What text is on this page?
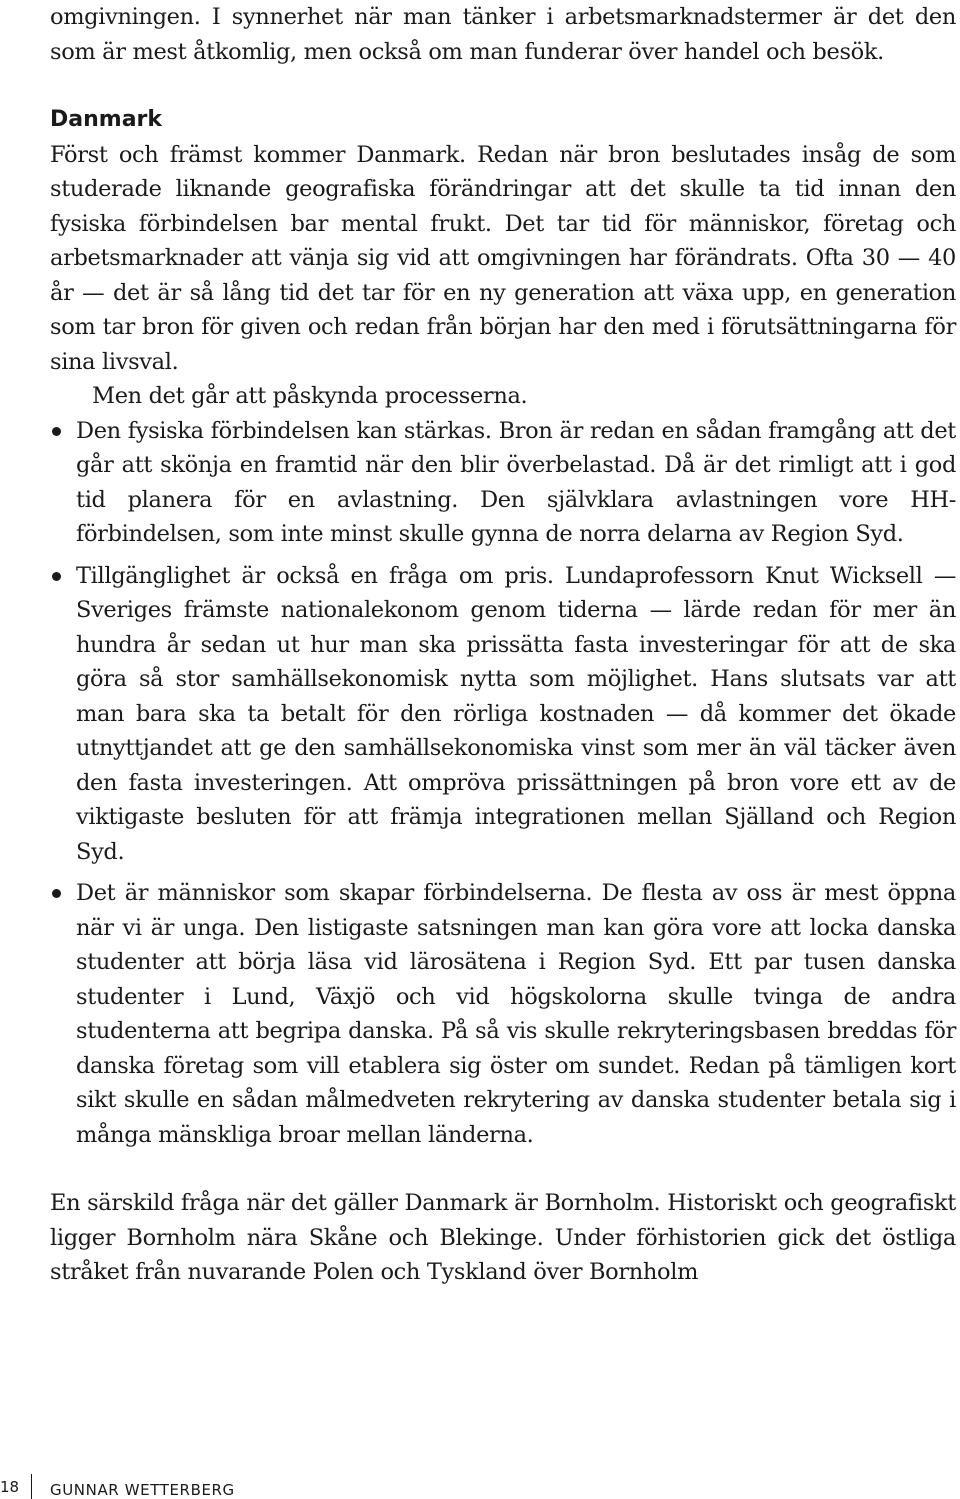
omgivningen. I synnerhet när man tänker i arbetsmarknadstermer är det den som är mest åtkomlig, men också om man funderar över handel och besök.

Danmark

Först och främst kommer Danmark. Redan när bron beslutades insåg de som studerade liknande geografiska förändringar att det skulle ta tid innan den fysiska förbindelsen bar mental frukt. Det tar tid för människor, företag och arbetsmarknader att vänja sig vid att omgivningen har förändrats. Ofta 30 — 40 år — det är så lång tid det tar för en ny generation att växa upp, en generation som tar bron för given och redan från början har den med i förutsättningarna för sina livsval.

Men det går att påskynda processerna.

Den fysiska förbindelsen kan stärkas. Bron är redan en sådan framgång att det går att skönja en framtid när den blir överbelastad. Då är det rimligt att i god tid planera för en avlastning. Den självklara avlastningen vore HH-förbindelsen, som inte minst skulle gynna de norra delarna av Region Syd.

Tillgänglighet är också en fråga om pris. Lundaprofessorn Knut Wicksell — Sveriges främste nationalekonom genom tiderna — lärde redan för mer än hundra år sedan ut hur man ska prissätta fasta investeringar för att de ska göra så stor samhällsekonomisk nytta som möjlighet. Hans slutsats var att man bara ska ta betalt för den rörliga kostnaden — då kommer det ökade utnyttjandet att ge den samhällsekonomiska vinst som mer än väl täcker även den fasta investeringen. Att ompröva prissättningen på bron vore ett av de viktigaste besluten för att främja integrationen mellan Själland och Region Syd.

Det är människor som skapar förbindelserna. De flesta av oss är mest öppna när vi är unga. Den listigaste satsningen man kan göra vore att locka danska studenter att börja läsa vid lärosätena i Region Syd. Ett par tusen danska studenter i Lund, Växjö och vid högskolorna skulle tvinga de andra studenterna att begripa danska. På så vis skulle rekryteringsbasen breddas för danska företag som vill etablera sig öster om sundet. Redan på tämligen kort sikt skulle en sådan målmedveten rekrytering av danska studenter betala sig i många mänskliga broar mellan länderna.

En särskild fråga när det gäller Danmark är Bornholm. Historiskt och geografiskt ligger Bornholm nära Skåne och Blekinge. Under förhistorien gick det östliga stråket från nuvarande Polen och Tyskland över Bornholm

18 GUNNAR WETTERBERG
